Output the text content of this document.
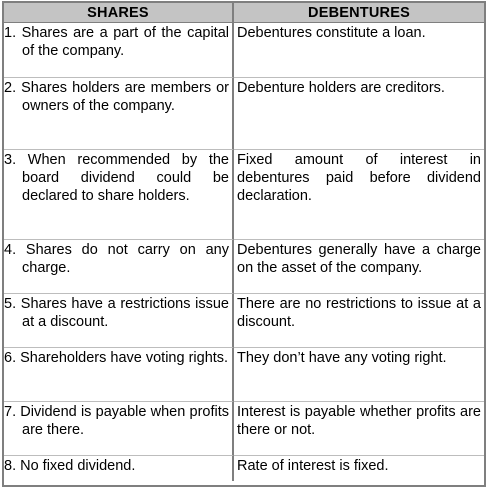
SHARES	DEBENTURES
1. Shares are a part of the capital of the company.	Debentures constitute a loan.
2. Shares holders are members or owners of the company.	Debenture holders are creditors.
3. When recommended by the board dividend could be declared to share holders.	Fixed amount of interest in debentures paid before dividend declaration.
4. Shares do not carry on any charge.	Debentures generally have a charge on the asset of the company.
5. Shares have a restrictions issue at a discount.	There are no restrictions to issue at a discount.
6. Shareholders have voting rights.	They don’t have any voting right.
7. Dividend is payable when profits are there.	Interest is payable whether profits are there or not.
8. No fixed dividend.	Rate of interest is fixed.
